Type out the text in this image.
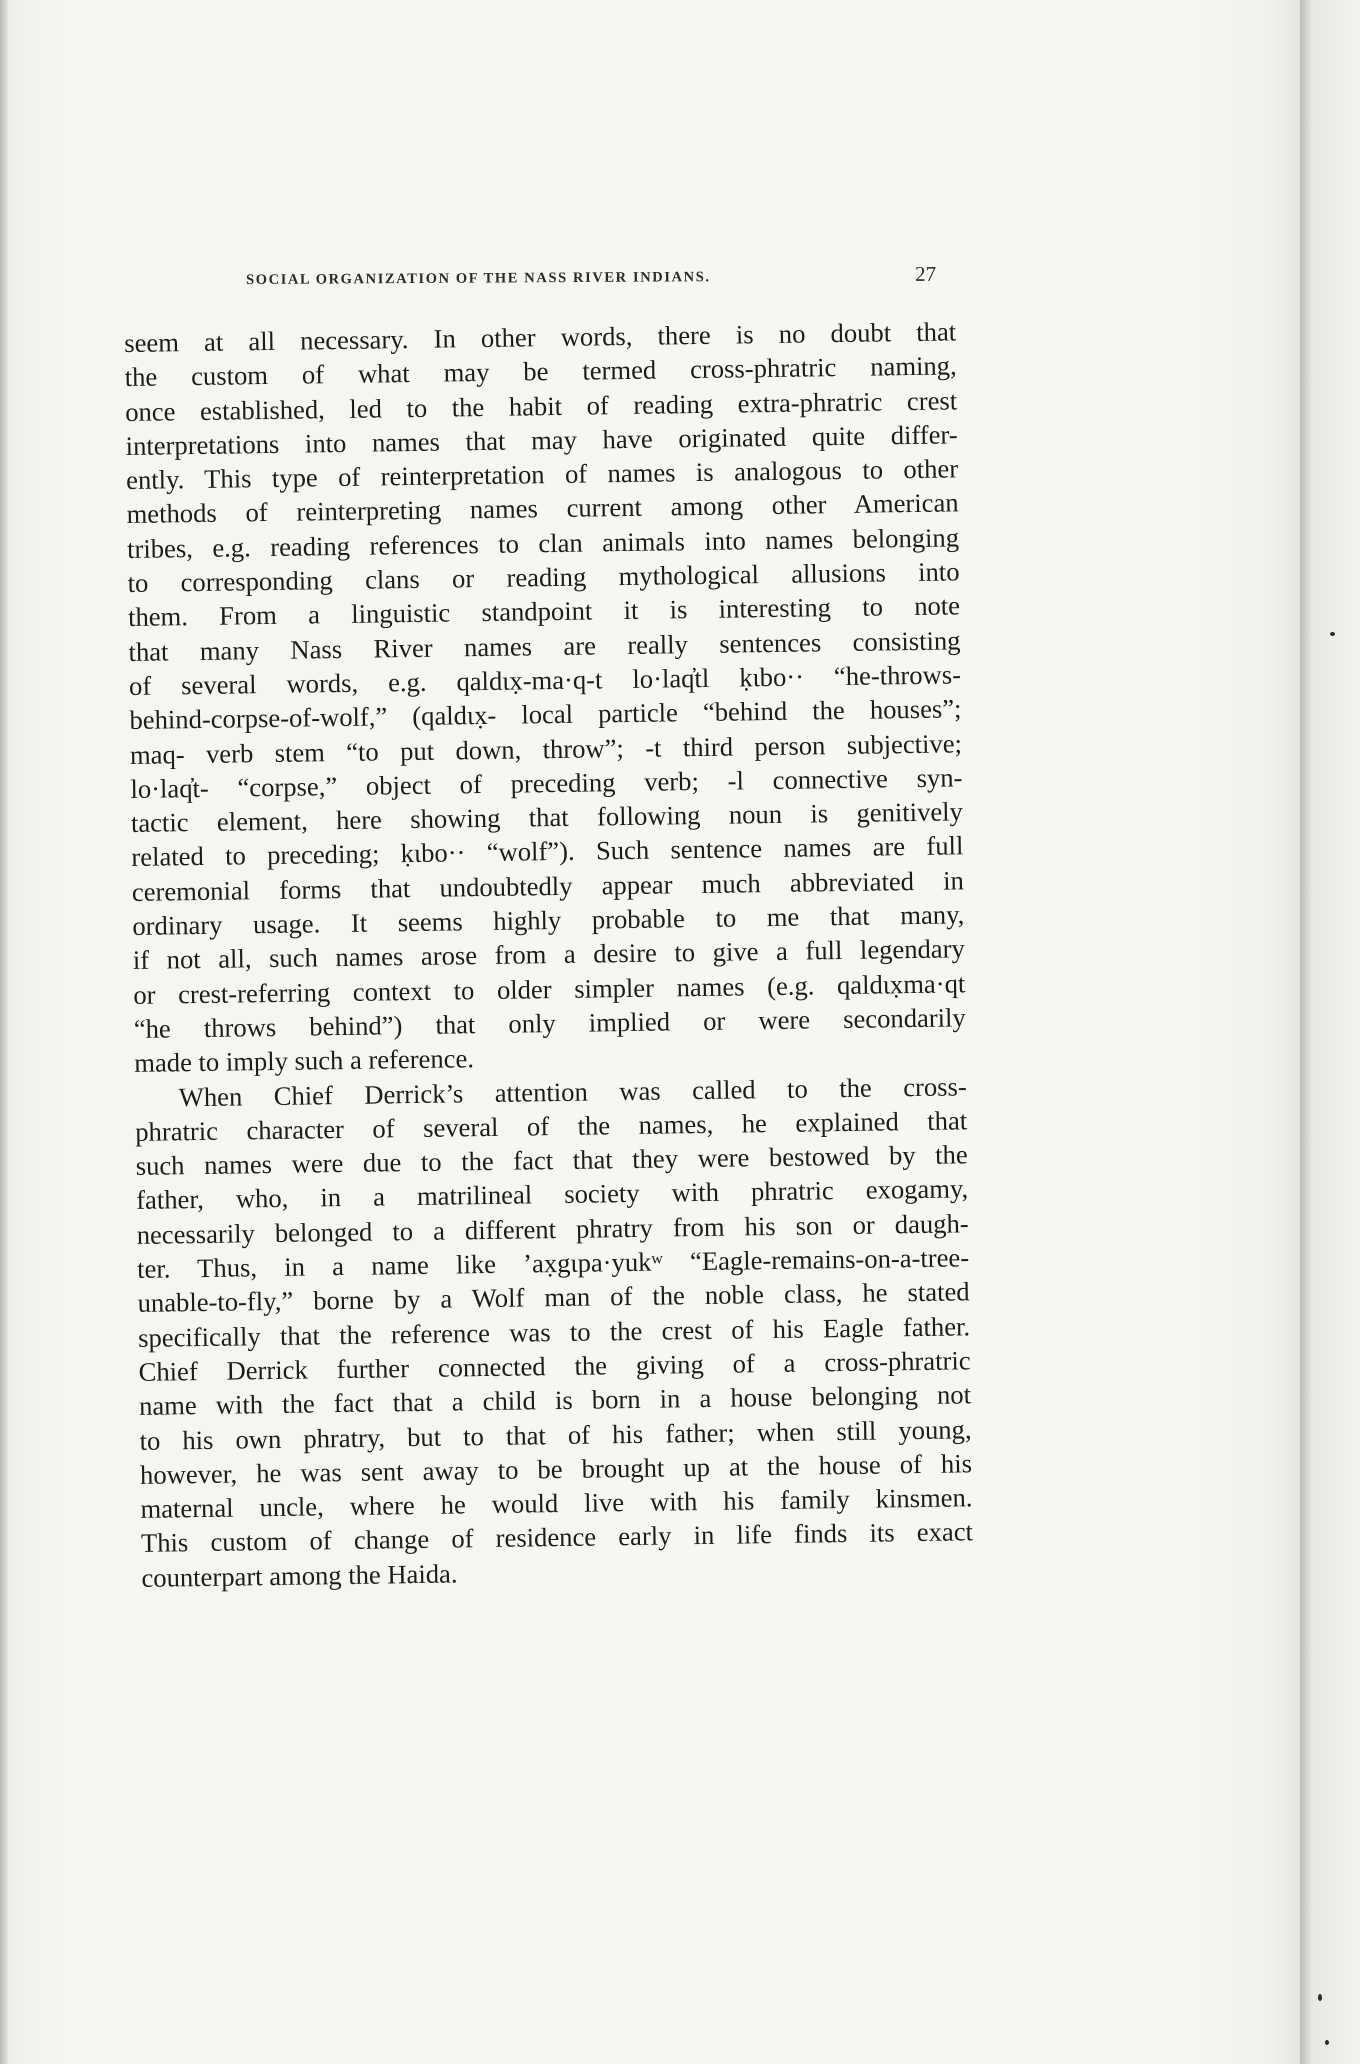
SOCIAL ORGANIZATION OF THE NASS RIVER INDIANS.	27

seem at all necessary. In other words, there is no doubt that
the custom of what may be termed cross-phratric naming,
once established, led to the habit of reading extra-phratric crest
interpretations into names that may have originated quite differ-
ently. This type of reinterpretation of names is analogous to other
methods of reinterpreting names current among other American
tribes, e.g. reading references to clan animals into names belonging
to corresponding clans or reading mythological allusions into
them. From a linguistic standpoint it is interesting to note
that many Nass River names are really sentences consisting
of several words, e.g. qaldɩx̣-ma·q-t lo·laq̓tl ḳɩbo·· “he-throws-
behind-corpse-of-wolf,” (qaldɩx̣- local particle “behind the houses”;
maq- verb stem “to put down, throw”; -t third person subjective;
lo·laq̓t- “corpse,” object of preceding verb; -l connective syn-
tactic element, here showing that following noun is genitively
related to preceding; ḳɩbo·· “wolf”). Such sentence names are full
ceremonial forms that undoubtedly appear much abbreviated in
ordinary usage. It seems highly probable to me that many,
if not all, such names arose from a desire to give a full legendary
or crest-referring context to older simpler names (e.g. qaldɩx̣ma·qt
“he throws behind”) that only implied or were secondarily
made to imply such a reference.

When Chief Derrick’s attention was called to the cross-
phratric character of several of the names, he explained that
such names were due to the fact that they were bestowed by the
father, who, in a matrilineal society with phratric exogamy,
necessarily belonged to a different phratry from his son or daugh-
ter. Thus, in a name like ’ax̣gɩpa·yukʷ “Eagle-remains-on-a-tree-
unable-to-fly,” borne by a Wolf man of the noble class, he stated
specifically that the reference was to the crest of his Eagle father.
Chief Derrick further connected the giving of a cross-phratric
name with the fact that a child is born in a house belonging not
to his own phratry, but to that of his father; when still young,
however, he was sent away to be brought up at the house of his
maternal uncle, where he would live with his family kinsmen.
This custom of change of residence early in life finds its exact
counterpart among the Haida.
